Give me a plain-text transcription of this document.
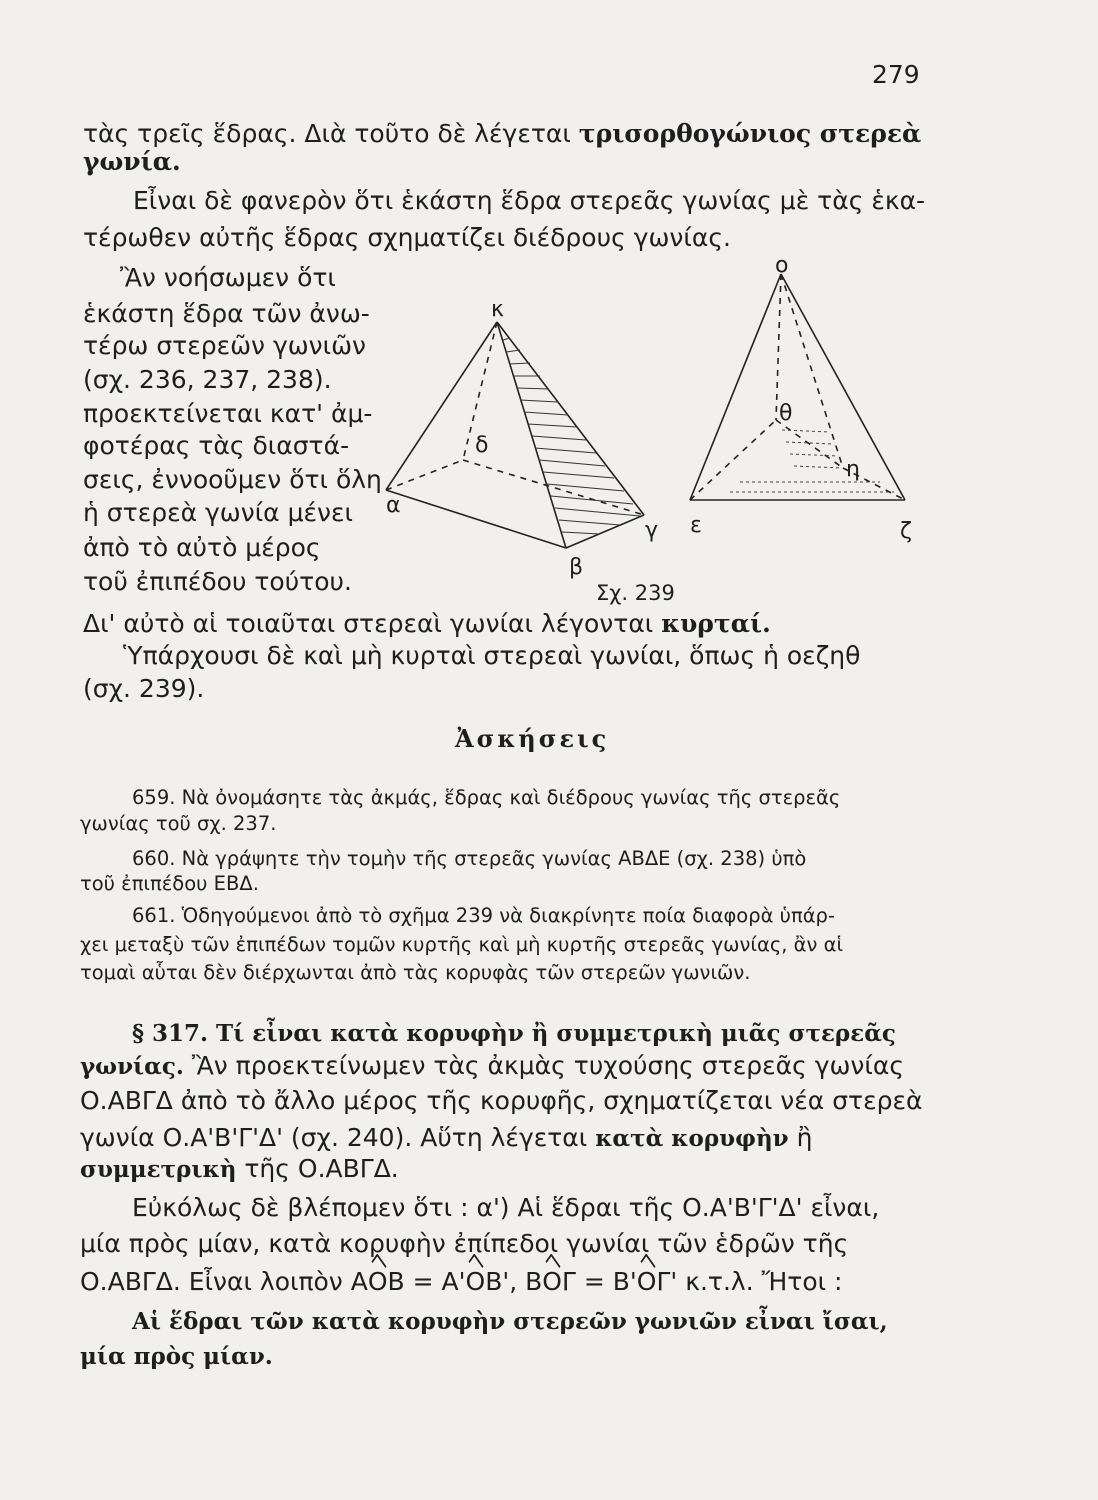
279
τὰς τρεῖς ἕδρας. Διὰ τοῦτο δὲ λέγεται τρισορθογώνιος στερεὰ
γωνία.
Εἶναι δὲ φανερὸν ὅτι ἑκάστη ἕδρα στερεᾶς γωνίας μὲ τὰς ἑκα-
τέρωθεν αὐτῆς ἕδρας σχηματίζει διέδρους γωνίας.
Ἂν νοήσωμεν ὅτι
ἑκάστη ἕδρα τῶν ἀνω-
τέρω στερεῶν γωνιῶν
(σχ. 236, 237, 238).
προεκτείνεται κατ' ἀμ-
φοτέρας τὰς διαστά-
σεις, ἐννοοῦμεν ὅτι ὅλη
ἡ στερεὰ γωνία μένει
ἀπὸ τὸ αὐτὸ μέρος
τοῦ ἐπιπέδου τούτου.
Δι' αὐτὸ αἱ τοιαῦται στερεαὶ γωνίαι λέγονται κυρταί.
Ὑπάρχουσι δὲ καὶ μὴ κυρταὶ στερεαὶ γωνίαι, ὅπως ἡ οεζηθ
(σχ. 239).
κ
α
β
γ
δ
ο
θ
η
ε	ζ
Σχ. 239
Ἀσκήσεις
659. Νὰ ὀνομάσητε τὰς ἀκμάς, ἕδρας καὶ διέδρους γωνίας τῆς στερεᾶς
γωνίας τοῦ σχ. 237.
660. Νὰ γράψητε τὴν τομὴν τῆς στερεᾶς γωνίας ΑΒΔΕ (σχ. 238) ὑπὸ
τοῦ ἐπιπέδου ΕΒΔ.
661. Ὁδηγούμενοι ἀπὸ τὸ σχῆμα 239 νὰ διακρίνητε ποία διαφορὰ ὑπάρ-
χει μεταξὺ τῶν ἐπιπέδων τομῶν κυρτῆς καὶ μὴ κυρτῆς στερεᾶς γωνίας, ἂν αἱ
τομαὶ αὗται δὲν διέρχωνται ἀπὸ τὰς κορυφὰς τῶν στερεῶν γωνιῶν.
§ 317. Τί εἶναι κατὰ κορυφὴν ἢ συμμετρικὴ μιᾶς στερεᾶς
γωνίας. Ἂν προεκτείνωμεν τὰς ἀκμὰς τυχούσης στερεᾶς γωνίας
Ο.ΑΒΓΔ ἀπὸ τὸ ἄλλο μέρος τῆς κορυφῆς, σχηματίζεται νέα στερεὰ
γωνία Ο.Α'Β'Γ'Δ' (σχ. 240). Αὕτη λέγεται κατὰ κορυφὴν ἢ
συμμετρικὴ τῆς Ο.ΑΒΓΔ.
Εὐκόλως δὲ βλέπομεν ὅτι : α') Αἱ ἕδραι τῆς Ο.Α'Β'Γ'Δ' εἶναι,
μία πρὸς μίαν, κατὰ κορυφὴν ἐπίπεδοι γωνίαι τῶν ἑδρῶν τῆς
Ο.ΑΒΓΔ. Εἶναι λοιπὸν AOB = A'OB', BOΓ = B'OΓ' κ.τ.λ. Ἤτοι :
Αἱ ἕδραι τῶν κατὰ κορυφὴν στερεῶν γωνιῶν εἶναι ἴσαι,
μία πρὸς μίαν.
